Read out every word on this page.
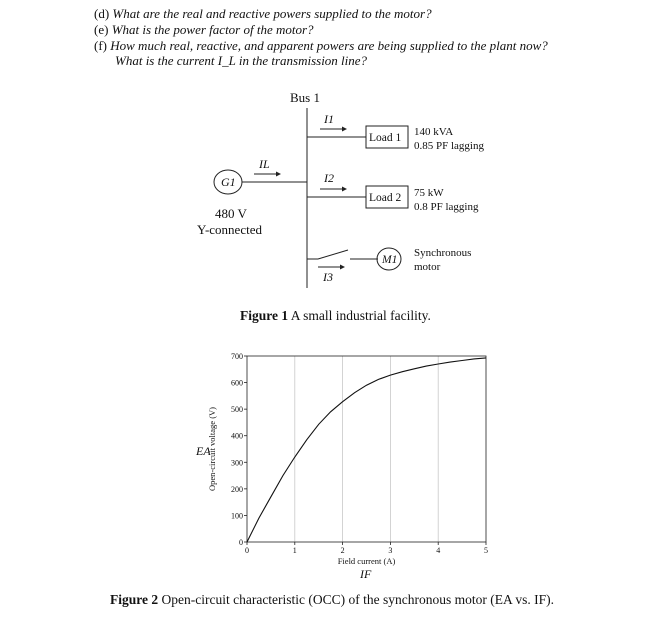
(d) What are the real and reactive powers supplied to the motor?
(e) What is the power factor of the motor?
(f) How much real, reactive, and apparent powers are being supplied to the plant now?
What is the current I_L in the transmission line?
Bus 1
G1
IL
480 V
Y-connected
I1
Load 1 140 kVA
0.85 PF lagging
I2
Load 2 75 kW
0.8 PF lagging
M1
Synchronous
motor
I3
Figure 1 A small industrial facility.
0	1	2	3	4	5
0
100
200
300
400
500
600
700
Field current (A)
Open-circuit voltage (V)
EA
IF
Figure 2 Open-circuit characteristic (OCC) of the synchronous motor (EA vs. IF).
